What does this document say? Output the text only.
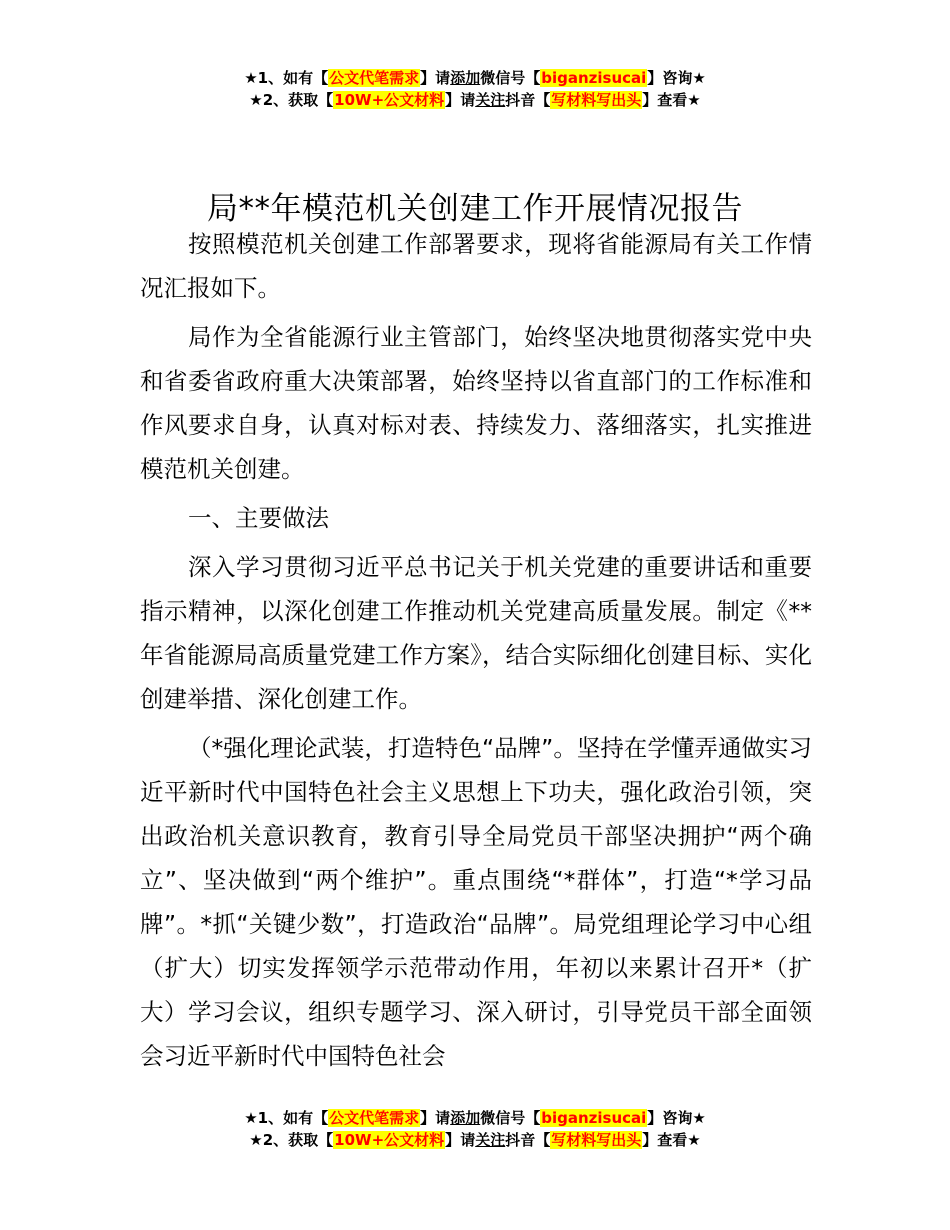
★1、如有【公文代笔需求】请添加微信号【biganzisucai】咨询★
★2、获取【10W+公文材料】请关注抖音【写材料写出头】查看★
局**年模范机关创建工作开展情况报告

按照模范机关创建工作部署要求，现将省能源局有关工作情况汇报如下。

局作为全省能源行业主管部门，始终坚决地贯彻落实党中央和省委省政府重大决策部署，始终坚持以省直部门的工作标准和作风要求自身，认真对标对表、持续发力、落细落实，扎实推进模范机关创建。

一、主要做法

深入学习贯彻习近平总书记关于机关党建的重要讲话和重要指示精神，以深化创建工作推动机关党建高质量发展。制定《**年省能源局高质量党建工作方案》，结合实际细化创建目标、实化创建举措、深化创建工作。

（*强化理论武装，打造特色“品牌”。坚持在学懂弄通做实习近平新时代中国特色社会主义思想上下功夫，强化政治引领，突出政治机关意识教育，教育引导全局党员干部坚决拥护“两个确立”、坚决做到“两个维护”。重点围绕“*群体”，打造“*学习品牌”。*抓“关键少数”，打造政治“品牌”。局党组理论学习中心组（扩大）切实发挥领学示范带动作用，年初以来累计召开*（扩大）学习会议，组织专题学习、深入研讨，引导党员干部全面领会习近平新时代中国特色社会

★1、如有【公文代笔需求】请添加微信号【biganzisucai】咨询★
★2、获取【10W+公文材料】请关注抖音【写材料写出头】查看★
